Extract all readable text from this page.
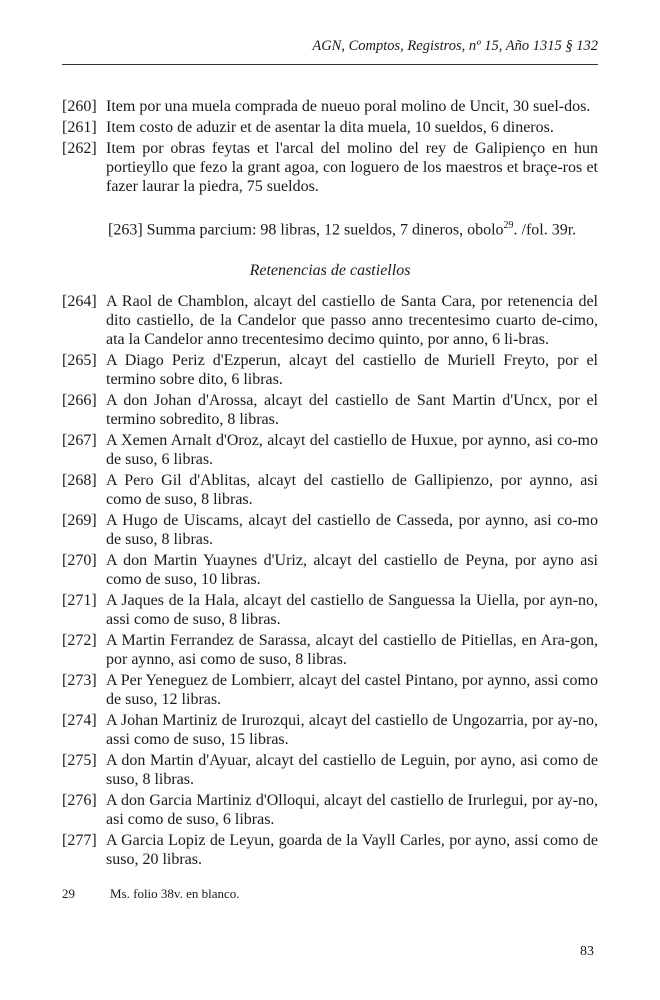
AGN, Comptos, Registros, nº 15, Año 1315 § 132
[260] Item por una muela comprada de nueuo poral molino de Uncit, 30 suel-dos.
[261] Item costo de aduzir et de asentar la dita muela, 10 sueldos, 6 dineros.
[262] Item por obras feytas et l'arcal del molino del rey de Galipienço en hun portieyllo que fezo la grant agoa, con loguero de los maestros et braçe-ros et fazer laurar la piedra, 75 sueldos.
[263] Summa parcium: 98 libras, 12 sueldos, 7 dineros, obolo$^{29}$. /fol. 39r.
Retenencias de castiellos
[264] A Raol de Chamblon, alcayt del castiello de Santa Cara, por retenencia del dito castiello, de la Candelor que passo anno trecentesimo cuarto de-cimo, ata la Candelor anno trecentesimo decimo quinto, por anno, 6 li-bras.
[265] A Diago Periz d'Ezperun, alcayt del castiello de Muriell Freyto, por el termino sobre dito, 6 libras.
[266] A don Johan d'Arossa, alcayt del castiello de Sant Martin d'Uncx, por el termino sobredito, 8 libras.
[267] A Xemen Arnalt d'Oroz, alcayt del castiello de Huxue, por aynno, asi co-mo de suso, 6 libras.
[268] A Pero Gil d'Ablitas, alcayt del castiello de Gallipienzo, por aynno, asi como de suso, 8 libras.
[269] A Hugo de Uiscams, alcayt del castiello de Casseda, por aynno, asi co-mo de suso, 8 libras.
[270] A don Martin Yuaynes d'Uriz, alcayt del castiello de Peyna, por ayno asi como de suso, 10 libras.
[271] A Jaques de la Hala, alcayt del castiello de Sanguessa la Uiella, por ayn-no, assi como de suso, 8 libras.
[272] A Martin Ferrandez de Sarassa, alcayt del castiello de Pitiellas, en Ara-gon, por aynno, asi como de suso, 8 libras.
[273] A Per Yeneguez de Lombierr, alcayt del castel Pintano, por aynno, assi como de suso, 12 libras.
[274] A Johan Martiniz de Irurozqui, alcayt del castiello de Ungozarria, por ay-no, assi como de suso, 15 libras.
[275] A don Martin d'Ayuar, alcayt del castiello de Leguin, por ayno, asi como de suso, 8 libras.
[276] A don Garcia Martiniz d'Olloqui, alcayt del castiello de Irurlegui, por ay-no, asi como de suso, 6 libras.
[277] A Garcia Lopiz de Leyun, goarda de la Vayll Carles, por ayno, assi como de suso, 20 libras.
29	Ms. folio 38v. en blanco.
83
